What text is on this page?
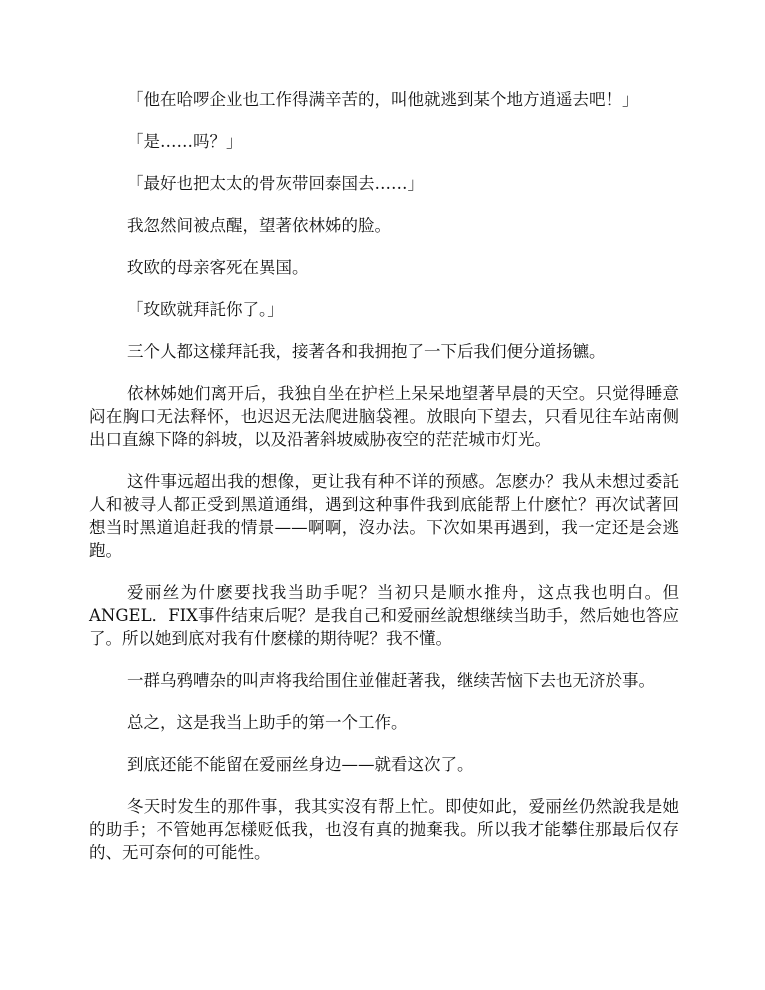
「他在哈啰企业也工作得满辛苦的，叫他就逃到某个地方逍遥去吧！」

「是……吗？」

「最好也把太太的骨灰带回泰国去……」

我忽然间被点醒，望著依林姊的脸。

玫欧的母亲客死在異国。

「玫欧就拜託你了。」

三个人都这樣拜託我，接著各和我拥抱了一下后我们便分道扬镳。

依林姊她们离开后，我独自坐在护栏上呆呆地望著早晨的天空。只觉得睡意闷在胸口无法释怀，也迟迟无法爬进脑袋裡。放眼向下望去，只看见往车站南侧出口直線下降的斜坡，以及沿著斜坡威胁夜空的茫茫城市灯光。

这件事远超出我的想像，更让我有种不详的预感。怎麽办？我从未想过委託人和被寻人都正受到黑道通缉，遇到这种事件我到底能帮上什麽忙？再次试著回想当时黑道追赶我的情景——啊啊，沒办法。下次如果再遇到，我一定还是会逃跑。

爱丽丝为什麽要找我当助手呢？当初只是顺水推舟，这点我也明白。但ANGEL．FIX事件结束后呢？是我自己和爱丽丝說想继续当助手，然后她也答应了。所以她到底对我有什麽樣的期待呢？我不懂。

一群乌鸦嘈杂的叫声将我给围住並催赶著我，继续苦恼下去也无济於事。

总之，这是我当上助手的第一个工作。

到底还能不能留在爱丽丝身边——就看这次了。

冬天时发生的那件事，我其实沒有帮上忙。即使如此，爱丽丝仍然說我是她的助手；不管她再怎樣贬低我，也沒有真的抛棄我。所以我才能攀住那最后仅存的、无可奈何的可能性。
